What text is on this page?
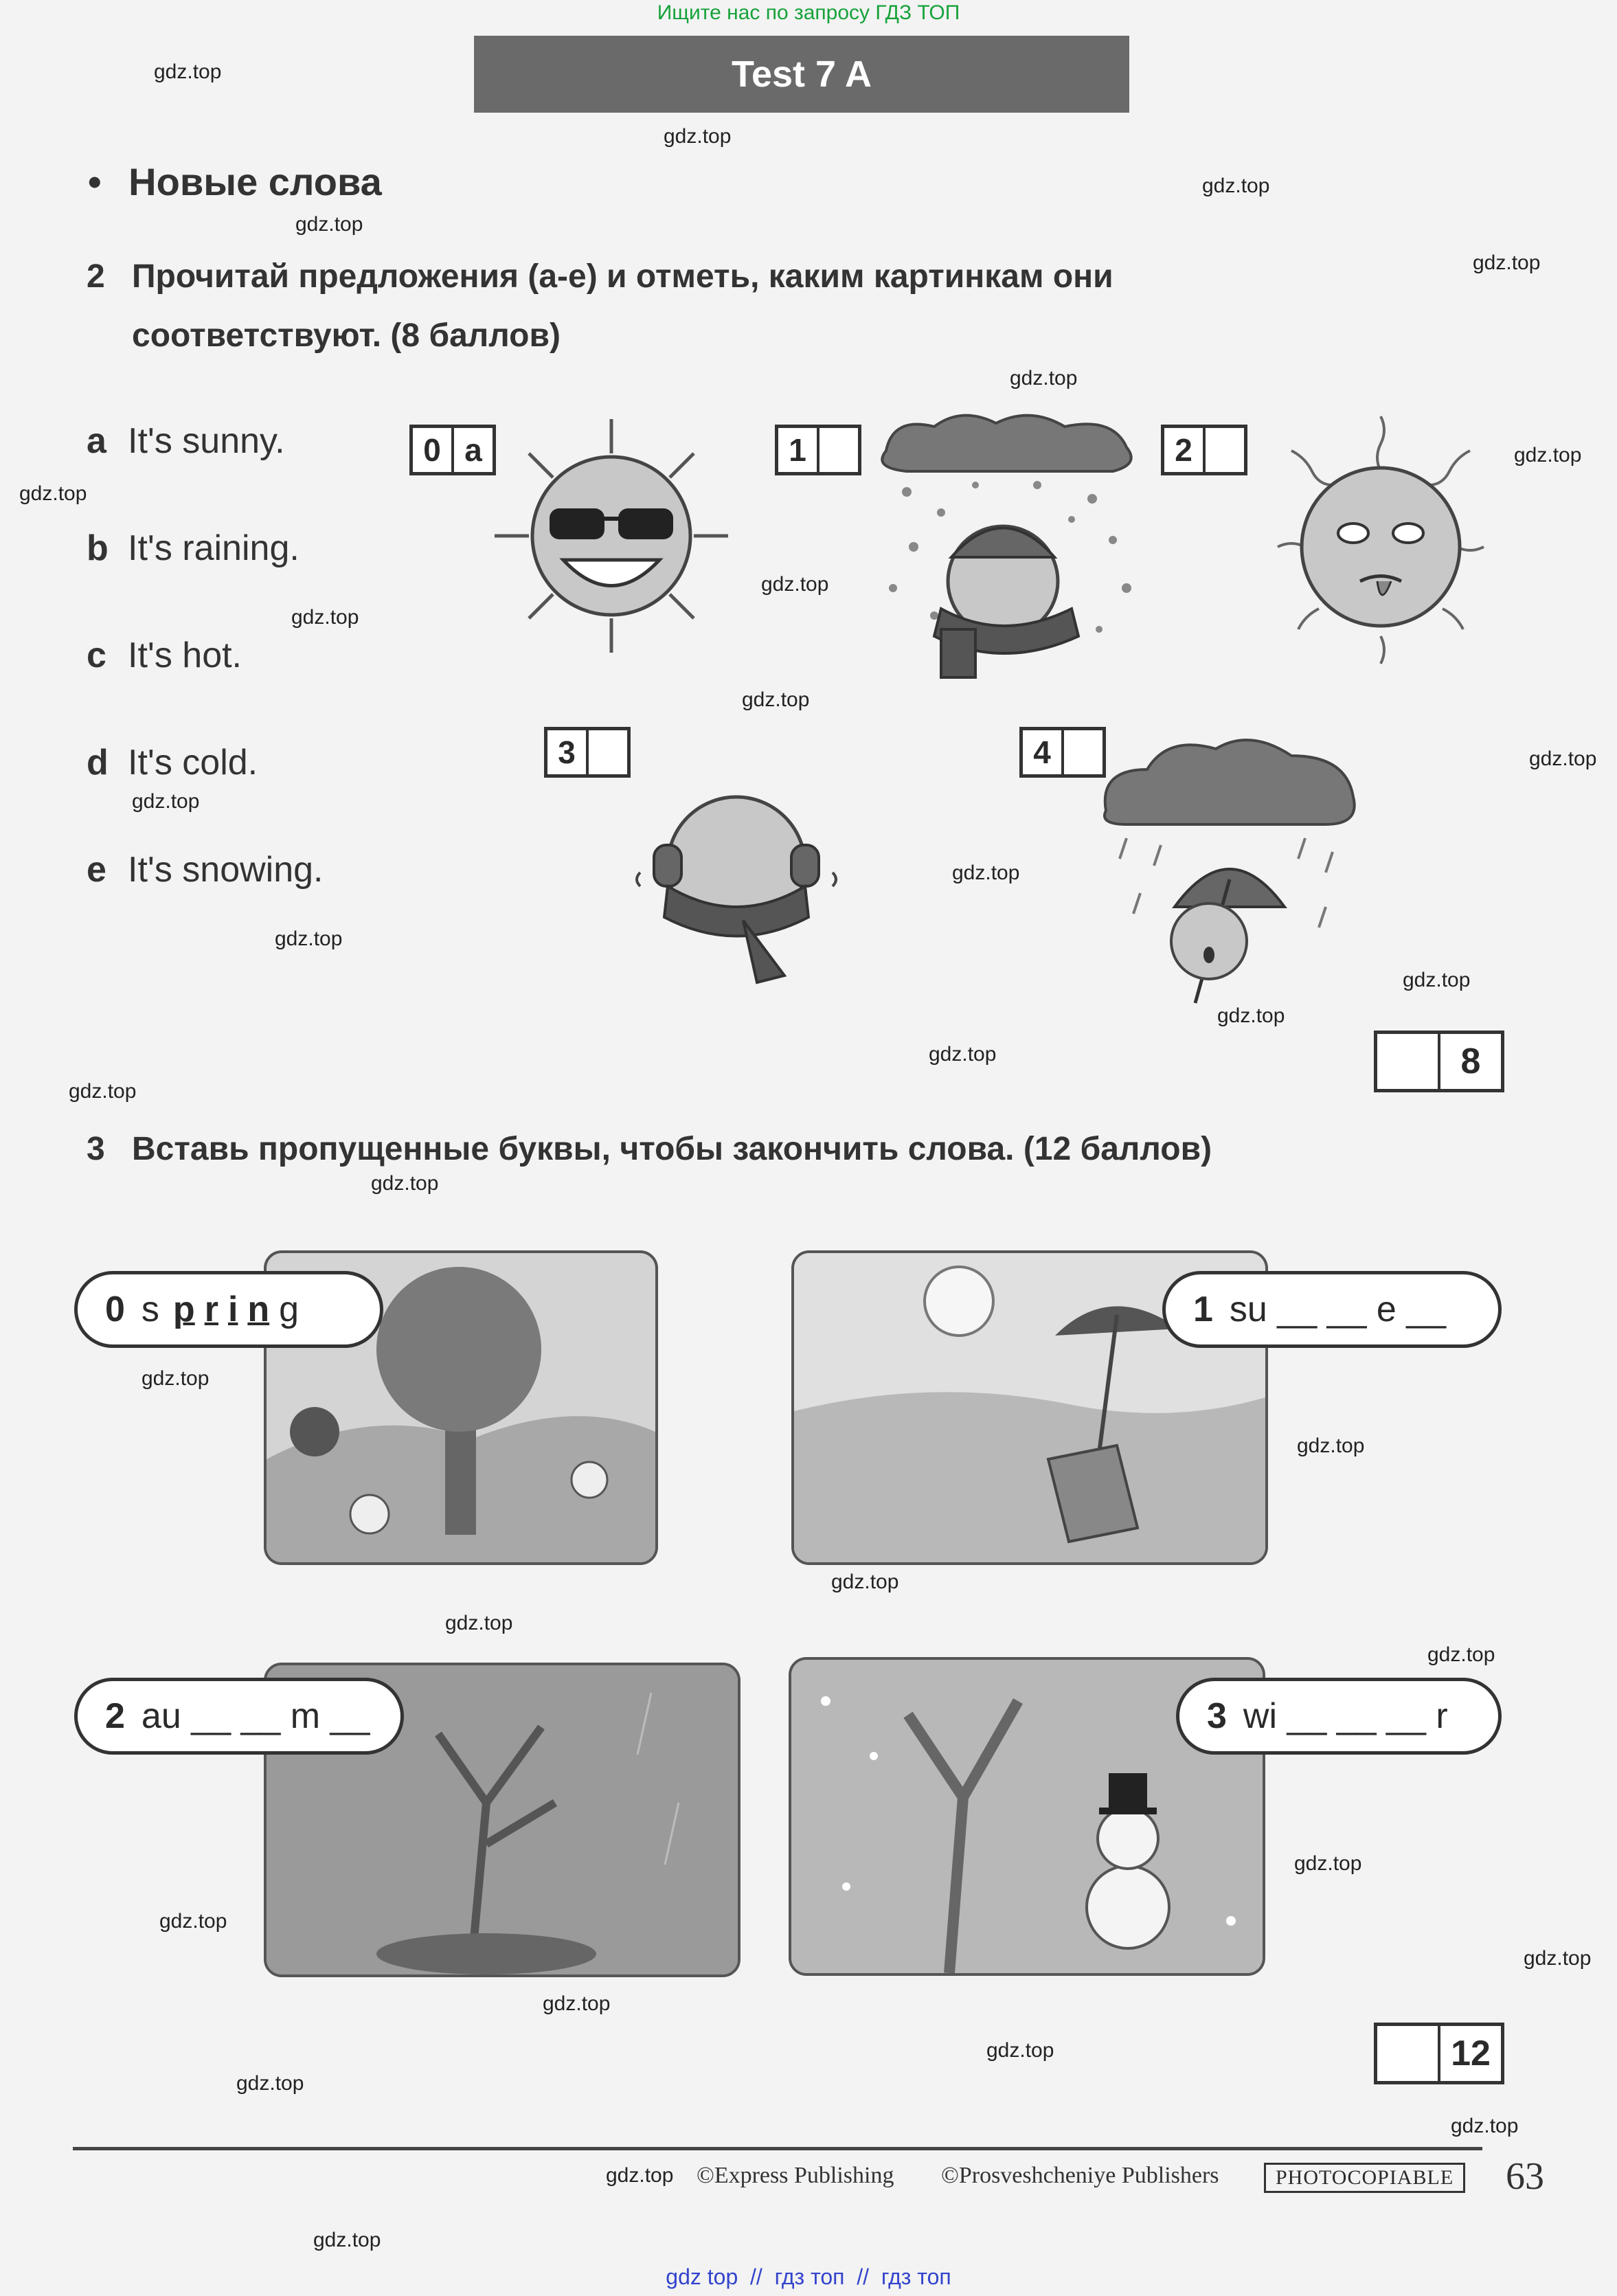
Ищите нас по запросу ГДЗ ТОП
Test 7 A
• Новые слова
2 Прочитай предложения (a-e) и отметь, каким картинкам они
соответствуют. (8 баллов)
a It's sunny.
b It's raining.
c It's hot.
d It's cold.
e It's snowing.
0 a	1	2
3	4
8
3 Вставь пропущенные буквы, чтобы закончить слова. (12 баллов)
0 s p r i n g	1 su __ __ e __
2 au __ __ m __	3 wi __ __ __ r
12
gdz.top
gdz.top
gdz.top
gdz.top
gdz.top
gdz.top
gdz.top
gdz.top
gdz.top
gdz.top
gdz.top
gdz.top
gdz.top
gdz.top
gdz.top
gdz.top
gdz.top
gdz.top
gdz.top
gdz.top
gdz.top
gdz.top
gdz.top
gdz.top
gdz.top
gdz.top
gdz.top
gdz.top
gdz.top
gdz.top
gdz.top
gdz.top
gdz.top
gdz.top
©Express Publishing ©Prosveshcheniye Publishers	PHOTOCOPIABLE	63
gdz top  //  гдз топ  //  гдз топ
